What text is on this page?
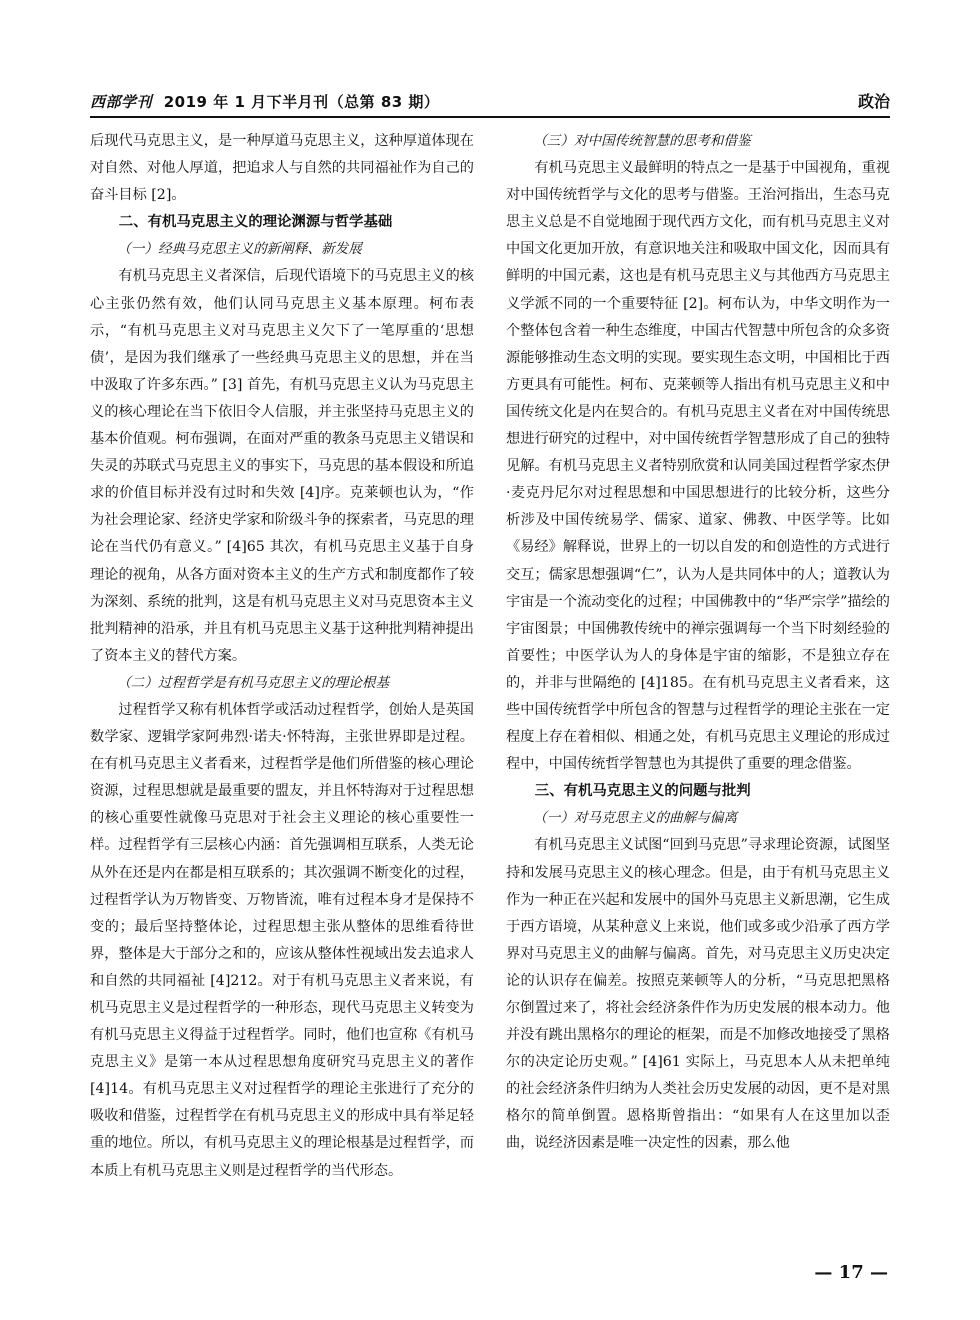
西部学刊 2019 年 1 月下半月刊（总第 83 期）	政治

后现代马克思主义，是一种厚道马克思主义，这种厚道体现在对自然、对他人厚道，把追求人与自然的共同福祉作为自己的奋斗目标 [2]。

二、有机马克思主义的理论渊源与哲学基础
（一）经典马克思主义的新阐释、新发展

有机马克思主义者深信，后现代语境下的马克思主义的核心主张仍然有效，他们认同马克思主义基本原理。柯布表示，“有机马克思主义对马克思主义欠下了一笔厚重的‘思想债’，是因为我们继承了一些经典马克思主义的思想，并在当中汲取了许多东西。” [3] 首先，有机马克思主义认为马克思主义的核心理论在当下依旧令人信服，并主张坚持马克思主义的基本价值观。柯布强调，在面对严重的教条马克思主义错误和失灵的苏联式马克思主义的事实下，马克思的基本假设和所追求的价值目标并没有过时和失效 [4]序。克莱顿也认为，“作为社会理论家、经济史学家和阶级斗争的探索者，马克思的理论在当代仍有意义。” [4]65 其次，有机马克思主义基于自身理论的视角，从各方面对资本主义的生产方式和制度都作了较为深刻、系统的批判，这是有机马克思主义对马克思资本主义批判精神的沿承，并且有机马克思主义基于这种批判精神提出了资本主义的替代方案。

（二）过程哲学是有机马克思主义的理论根基

过程哲学又称有机体哲学或活动过程哲学，创始人是英国数学家、逻辑学家阿弗烈·诺夫·怀特海，主张世界即是过程。在有机马克思主义者看来，过程哲学是他们所借鉴的核心理论资源，过程思想就是最重要的盟友，并且怀特海对于过程思想的核心重要性就像马克思对于社会主义理论的核心重要性一样。过程哲学有三层核心内涵：首先强调相互联系，人类无论从外在还是内在都是相互联系的；其次强调不断变化的过程，过程哲学认为万物皆变、万物皆流，唯有过程本身才是保持不变的；最后坚持整体论，过程思想主张从整体的思维看待世界，整体是大于部分之和的，应该从整体性视域出发去追求人和自然的共同福祉 [4]212。对于有机马克思主义者来说，有机马克思主义是过程哲学的一种形态，现代马克思主义转变为有机马克思主义得益于过程哲学。同时，他们也宣称《有机马克思主义》是第一本从过程思想角度研究马克思主义的著作 [4]14。有机马克思主义对过程哲学的理论主张进行了充分的吸收和借鉴，过程哲学在有机马克思主义的形成中具有举足轻重的地位。所以，有机马克思主义的理论根基是过程哲学，而本质上有机马克思主义则是过程哲学的当代形态。

（三）对中国传统智慧的思考和借鉴

有机马克思主义最鲜明的特点之一是基于中国视角，重视对中国传统哲学与文化的思考与借鉴。王治河指出，生态马克思主义总是不自觉地囿于现代西方文化，而有机马克思主义对中国文化更加开放，有意识地关注和吸取中国文化，因而具有鲜明的中国元素，这也是有机马克思主义与其他西方马克思主义学派不同的一个重要特征 [2]。柯布认为，中华文明作为一个整体包含着一种生态维度，中国古代智慧中所包含的众多资源能够推动生态文明的实现。要实现生态文明，中国相比于西方更具有可能性。柯布、克莱顿等人指出有机马克思主义和中国传统文化是内在契合的。有机马克思主义者在对中国传统思想进行研究的过程中，对中国传统哲学智慧形成了自己的独特见解。有机马克思主义者特别欣赏和认同美国过程哲学家杰伊·麦克丹尼尔对过程思想和中国思想进行的比较分析，这些分析涉及中国传统易学、儒家、道家、佛教、中医学等。比如《易经》解释说，世界上的一切以自发的和创造性的方式进行交互；儒家思想强调“仁”，认为人是共同体中的人；道教认为宇宙是一个流动变化的过程；中国佛教中的“华严宗学”描绘的宇宙图景；中国佛教传统中的禅宗强调每一个当下时刻经验的首要性；中医学认为人的身体是宇宙的缩影，不是独立存在的，并非与世隔绝的 [4]185。在有机马克思主义者看来，这些中国传统哲学中所包含的智慧与过程哲学的理论主张在一定程度上存在着相似、相通之处，有机马克思主义理论的形成过程中，中国传统哲学智慧也为其提供了重要的理念借鉴。

三、有机马克思主义的问题与批判
（一）对马克思主义的曲解与偏离

有机马克思主义试图“回到马克思”寻求理论资源，试图坚持和发展马克思主义的核心理念。但是，由于有机马克思主义作为一种正在兴起和发展中的国外马克思主义新思潮，它生成于西方语境，从某种意义上来说，他们或多或少沿承了西方学界对马克思主义的曲解与偏离。首先，对马克思主义历史决定论的认识存在偏差。按照克莱顿等人的分析，“马克思把黑格尔倒置过来了，将社会经济条件作为历史发展的根本动力。他并没有跳出黑格尔的理论的框架，而是不加修改地接受了黑格尔的决定论历史观。” [4]61 实际上，马克思本人从未把单纯的社会经济条件归纳为人类社会历史发展的动因，更不是对黑格尔的简单倒置。恩格斯曾指出：“如果有人在这里加以歪曲，说经济因素是唯一决定性的因素，那么他

— 17 —
